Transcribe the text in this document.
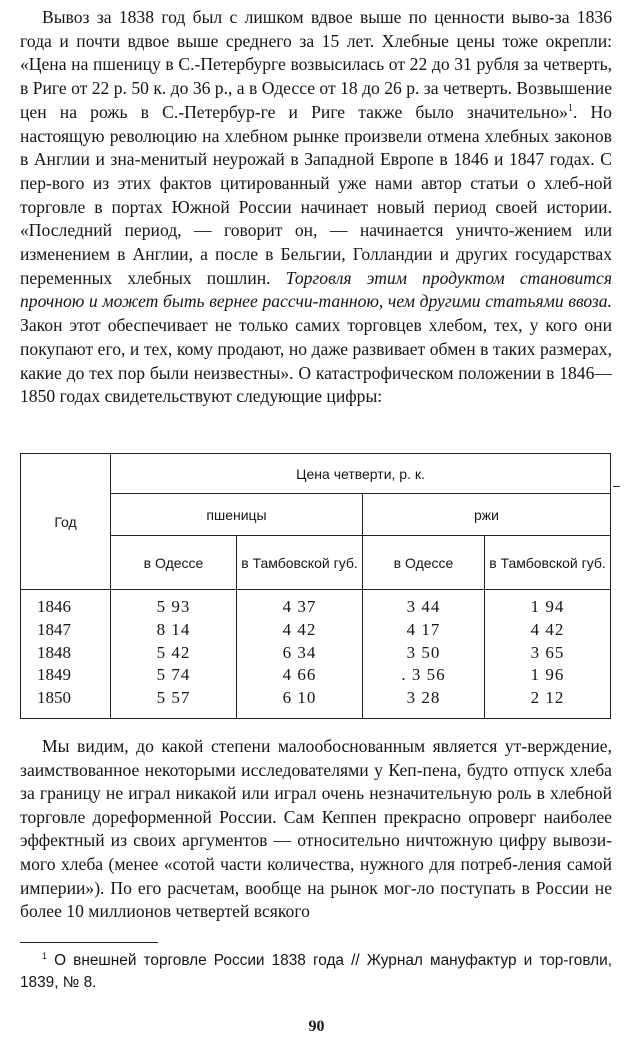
Вывоз за 1838 год был с лишком вдвое выше по ценности выво-за 1836 года и почти вдвое выше среднего за 15 лет. Хлебные цены тоже окрепли: «Цена на пшеницу в С.-Петербурге возвысилась от 22 до 31 рубля за четверть, в Риге от 22 р. 50 к. до 36 р., а в Одессе от 18 до 26 р. за четверть. Возвышение цен на рожь в С.-Петербур-ге и Риге также было значительно»$^1$. Но настоящую революцию на хлебном рынке произвели отмена хлебных законов в Англии и зна-менитый неурожай в Западной Европе в 1846 и 1847 годах. С пер-вого из этих фактов цитированный уже нами автор статьи о хлеб-ной торговле в портах Южной России начинает новый период своей истории. «Последний период, — говорит он, — начинается уничто-жением или изменением в Англии, а после в Бельгии, Голландии и других государствах переменных хлебных пошлин. Торговля этим продуктом становится прочною и может быть вернее рассчи-танною, чем другими статьями ввоза. Закон этот обеспечивает не только самих торговцев хлебом, тех, у кого они покупают его, и тех, кому продают, но даже развивает обмен в таких размерах, какие до тех пор были неизвестны». О катастрофическом положении в 1846—1850 годах свидетельствуют следующие цифры:

Год	Цена четверти, р. к.			
	пшеницы		ржи	
	в Одессе	в Тамбовской губ.	в Одессе	в Тамбовской губ.
1846	5 93	4 37	3 44	1 94
1847	8 14	4 42	4 17	4 42
1848	5 42	6 34	3 50	3 65
1849	5 74	4 66	. 3 56	1 96
1850	5 57	6 10	3 28	2 12

Мы видим, до какой степени малообоснованным является ут-верждение, заимствованное некоторыми исследователями у Кеп-пена, будто отпуск хлеба за границу не играл никакой или играл очень незначительную роль в хлебной торговле дореформенной России. Сам Кеппен прекрасно опроверг наиболее эффектный из своих аргументов — относительно ничтожную цифру вывози-мого хлеба (менее «сотой части количества, нужного для потреб-ления самой империи»). По его расчетам, вообще на рынок мог-ло поступать в России не более 10 миллионов четвертей всякого

$^1$ О внешней торговле России 1838 года // Журнал мануфактур и тор-говли, 1839, № 8.

90
